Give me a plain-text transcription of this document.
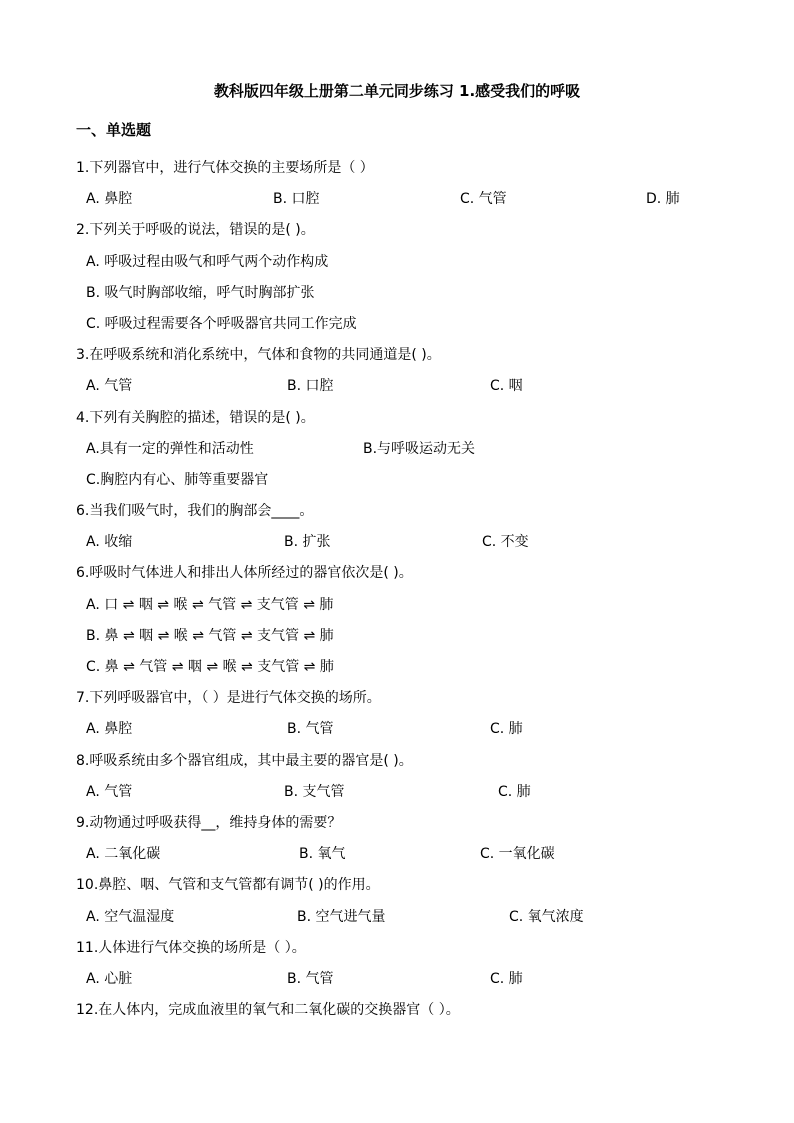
教科版四年级上册第二单元同步练习 1.感受我们的呼吸
一、单选题
1.下列器官中，进行气体交换的主要场所是（ ）
A. 鼻腔	B. 口腔	C. 气管	D. 肺
2.下列关于呼吸的说法，错误的是( )。
A. 呼吸过程由吸气和呼气两个动作构成
B. 吸气时胸部收缩，呼气时胸部扩张
C. 呼吸过程需要各个呼吸器官共同工作完成
3.在呼吸系统和消化系统中，气体和食物的共同通道是( )。
A. 气管	B. 口腔	C. 咽
4.下列有关胸腔的描述，错误的是( )。
A.具有一定的弹性和活动性	B.与呼吸运动无关
C.胸腔内有心、肺等重要器官
6.当我们吸气时，我们的胸部会____。
A. 收缩	B. 扩张	C. 不变
6.呼吸时气体进人和排出人体所经过的器官依次是( )。
A. 口 ⇌ 咽 ⇌ 喉 ⇌ 气管 ⇌ 支气管 ⇌ 肺
B. 鼻 ⇌ 咽 ⇌ 喉 ⇌ 气管 ⇌ 支气管 ⇌ 肺
C. 鼻 ⇌ 气管 ⇌ 咽 ⇌ 喉 ⇌ 支气管 ⇌ 肺
7.下列呼吸器官中，（ ）是进行气体交换的场所。
A. 鼻腔	B. 气管	C. 肺
8.呼吸系统由多个器官组成，其中最主要的器官是( )。
A. 气管	B. 支气管	C. 肺
9.动物通过呼吸获得__，维持身体的需要？
A. 二氧化碳	B. 氧气	C. 一氧化碳
10.鼻腔、咽、气管和支气管都有调节( )的作用。
A. 空气温湿度	B. 空气进气量	C. 氧气浓度
11.人体进行气体交换的场所是（ ）。
A. 心脏	B. 气管	C. 肺
12.在人体内，完成血液里的氧气和二氧化碳的交换器官（ ）。
